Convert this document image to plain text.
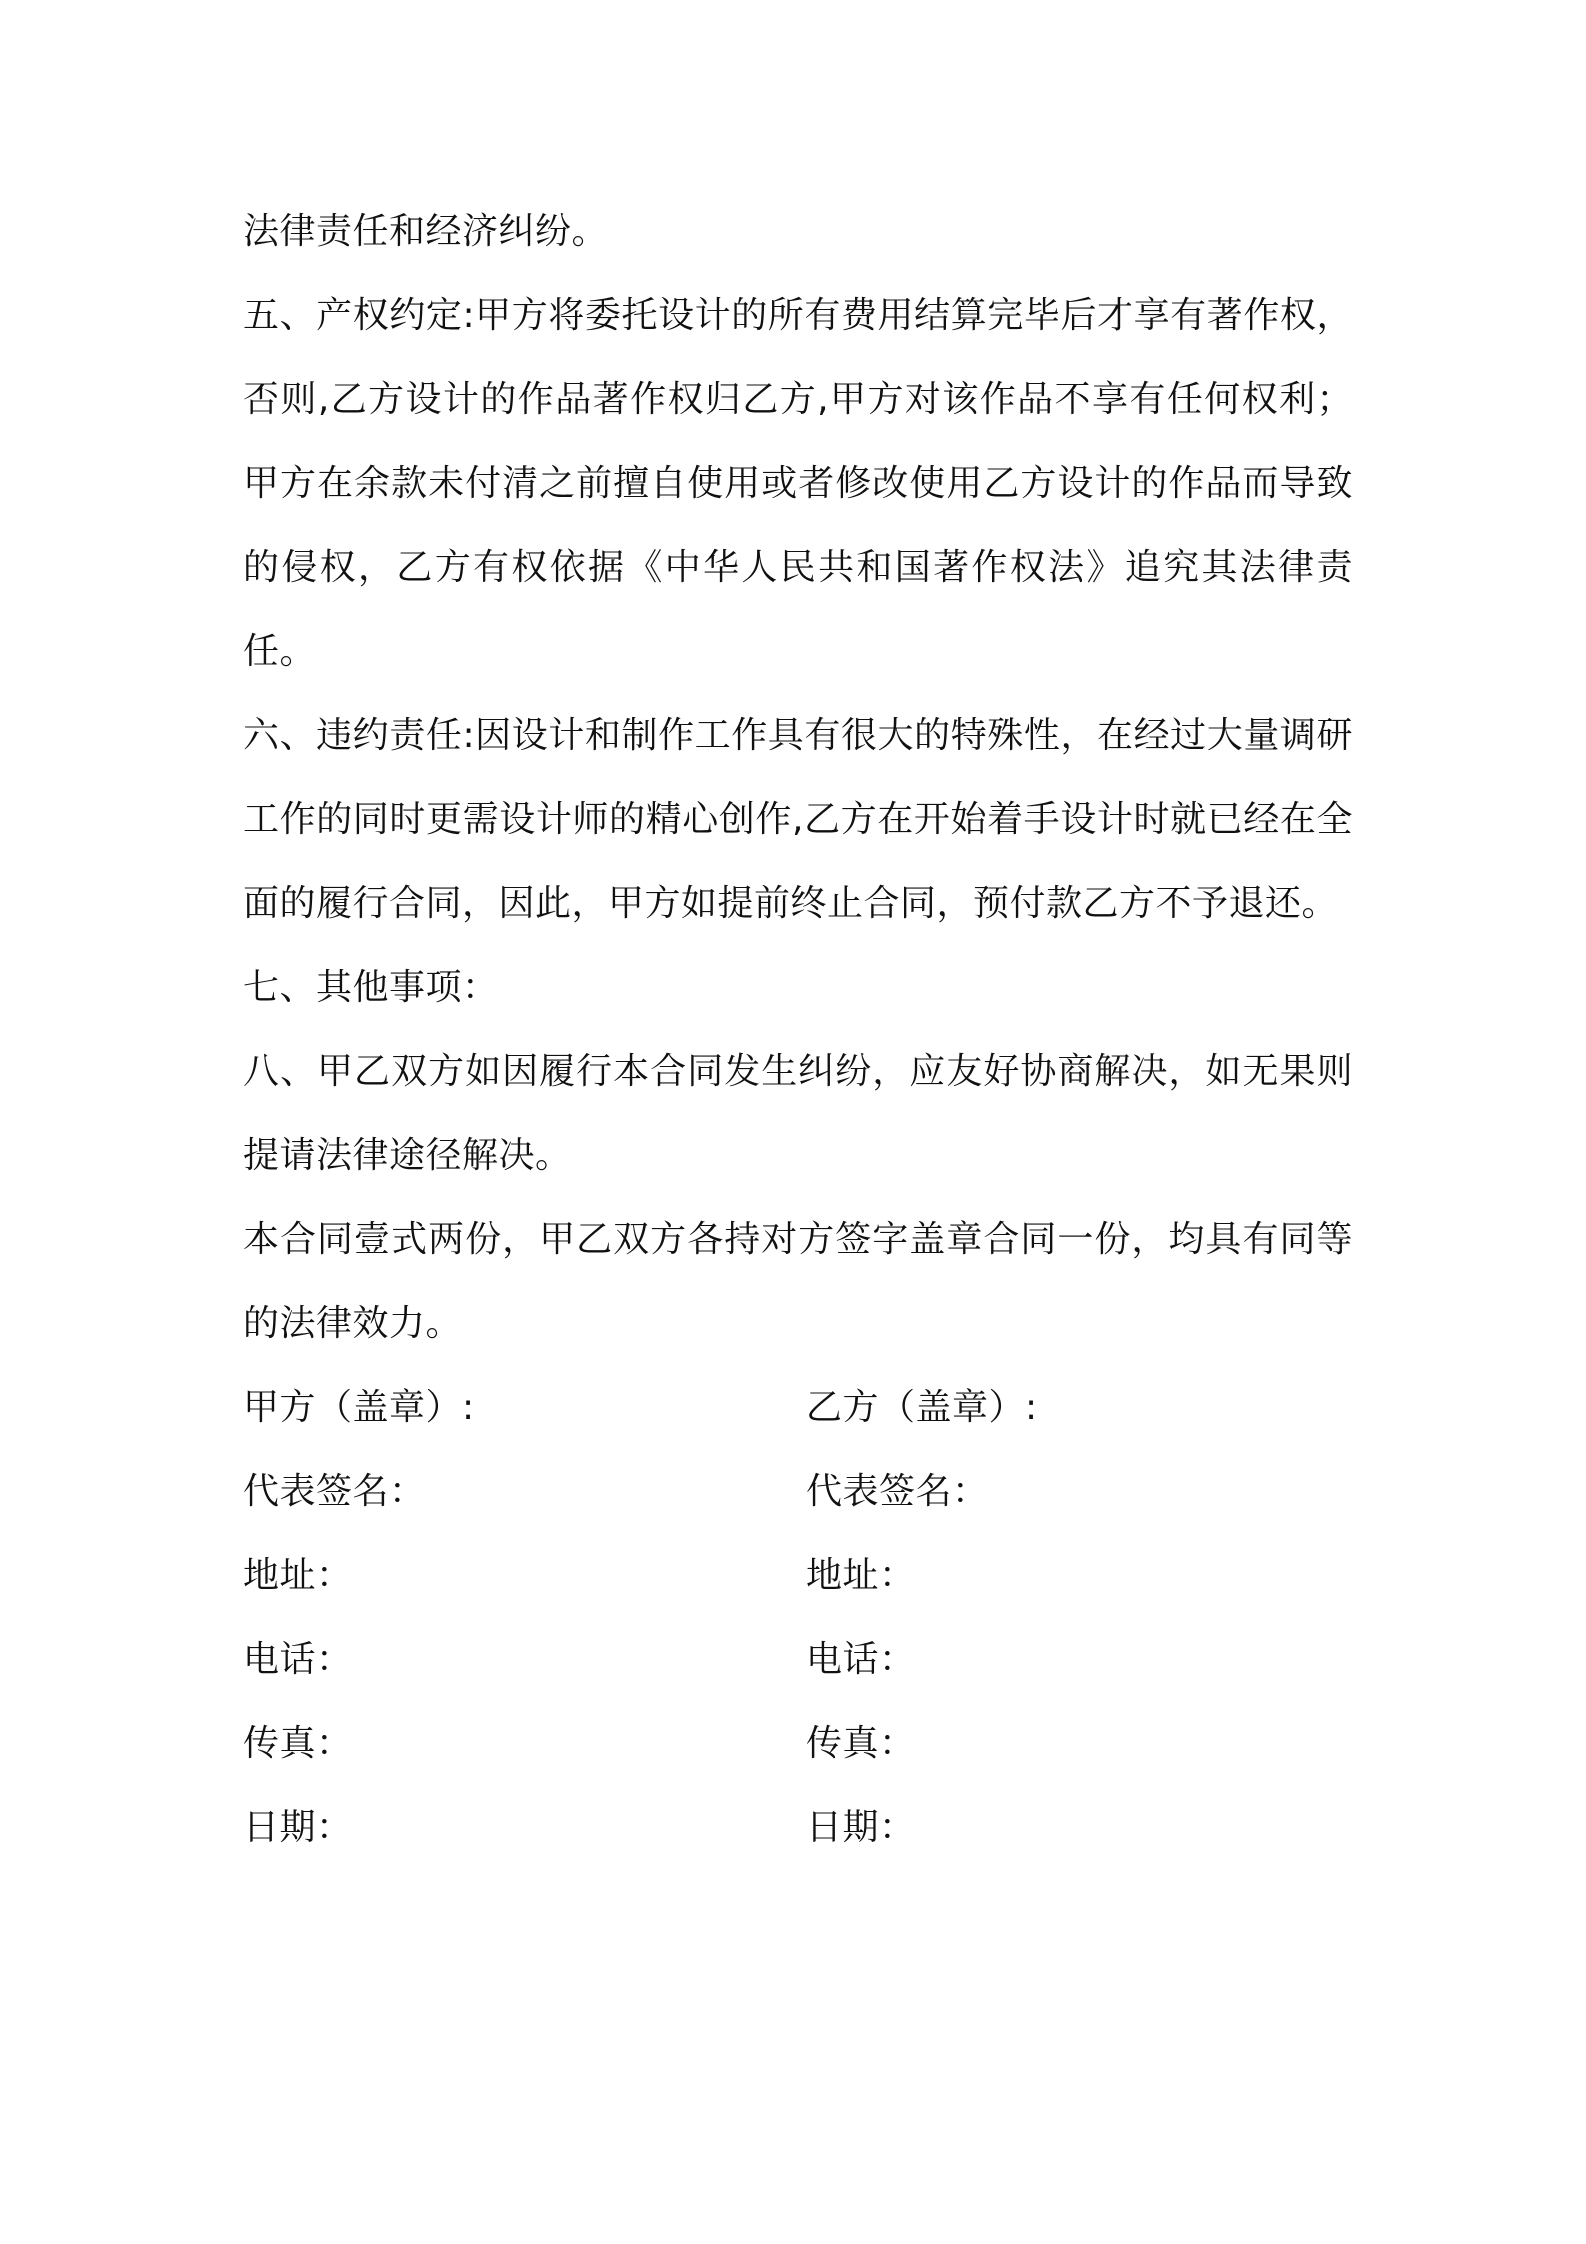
法律责任和经济纠纷。

五、产权约定:甲方将委托设计的所有费用结算完毕后才享有著作权，否则,乙方设计的作品著作权归乙方,甲方对该作品不享有任何权利；甲方在余款未付清之前擅自使用或者修改使用乙方设计的作品而导致的侵权，乙方有权依据《中华人民共和国著作权法》追究其法律责任。

六、违约责任:因设计和制作工作具有很大的特殊性，在经过大量调研工作的同时更需设计师的精心创作,乙方在开始着手设计时就已经在全面的履行合同，因此，甲方如提前终止合同，预付款乙方不予退还。

七、其他事项：

八、甲乙双方如因履行本合同发生纠纷，应友好协商解决，如无果则提请法律途径解决。

本合同壹式两份，甲乙双方各持对方签字盖章合同一份，均具有同等的法律效力。

甲方（盖章）:	乙方（盖章）:
代表签名：	代表签名：
地址：	地址：
电话：	电话：
传真：	传真：
日期：	日期：
